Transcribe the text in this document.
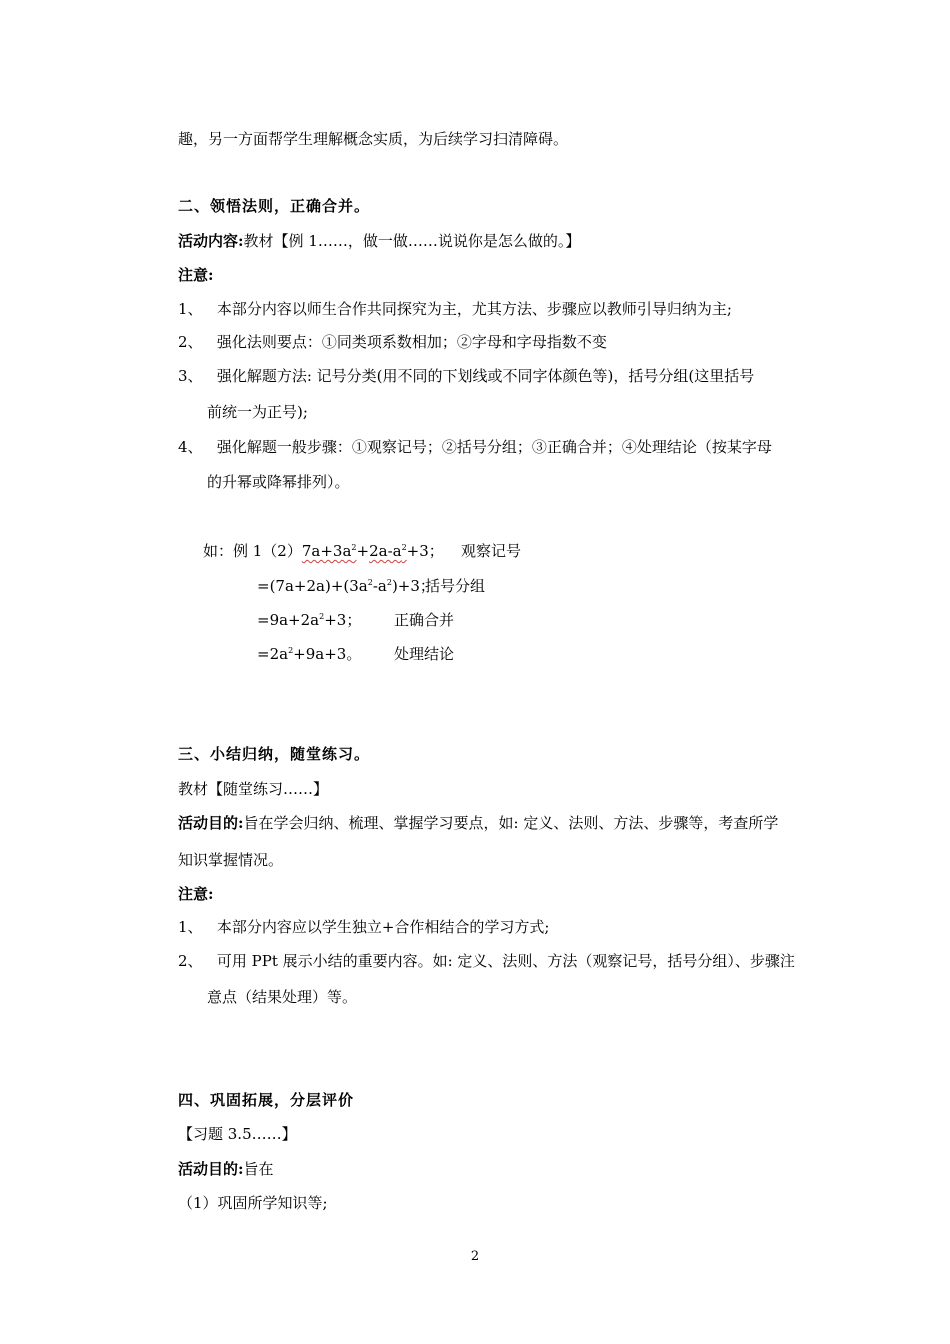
趣，另一方面帮学生理解概念实质，为后续学习扫清障碍。
二、领悟法则，正确合并。
活动内容:教材【例 1……，做一做……说说你是怎么做的。】
注意:
1、 本部分内容以师生合作共同探究为主，尤其方法、步骤应以教师引导归纳为主;
2、 强化法则要点：①同类项系数相加；②字母和字母指数不变
3、 强化解题方法: 记号分类(用不同的下划线或不同字体颜色等)，括号分组(这里括号
前统一为正号);
4、 强化解题一般步骤：①观察记号；②括号分组；③正确合并；④处理结论（按某字母
的升幂或降幂排列）。
如：例 $1(2)7a+3a^2+2a-a^2+3$； 观察记号
$=(7a+2a)+(3a^2-a^2)+3$；
括号分组
$=9a+2a^2+3$； 正确合并
$=2a^2+9a+3$。 处理结论
三、小结归纳，随堂练习。
教材【随堂练习……】
活动目的:旨在学会归纳、梳理、掌握学习要点，如: 定义、法则、方法、步骤等，考查所学
知识掌握情况。
注意:
1、 本部分内容应以学生独立+合作相结合的学习方式;
2、 可用 PPt 展示小结的重要内容。如: 定义、法则、方法（观察记号，括号分组）、步骤注
意点（结果处理）等。
四、巩固拓展，分层评价
【习题 3.5……】
活动目的:旨在
（1）巩固所学知识等;
2
